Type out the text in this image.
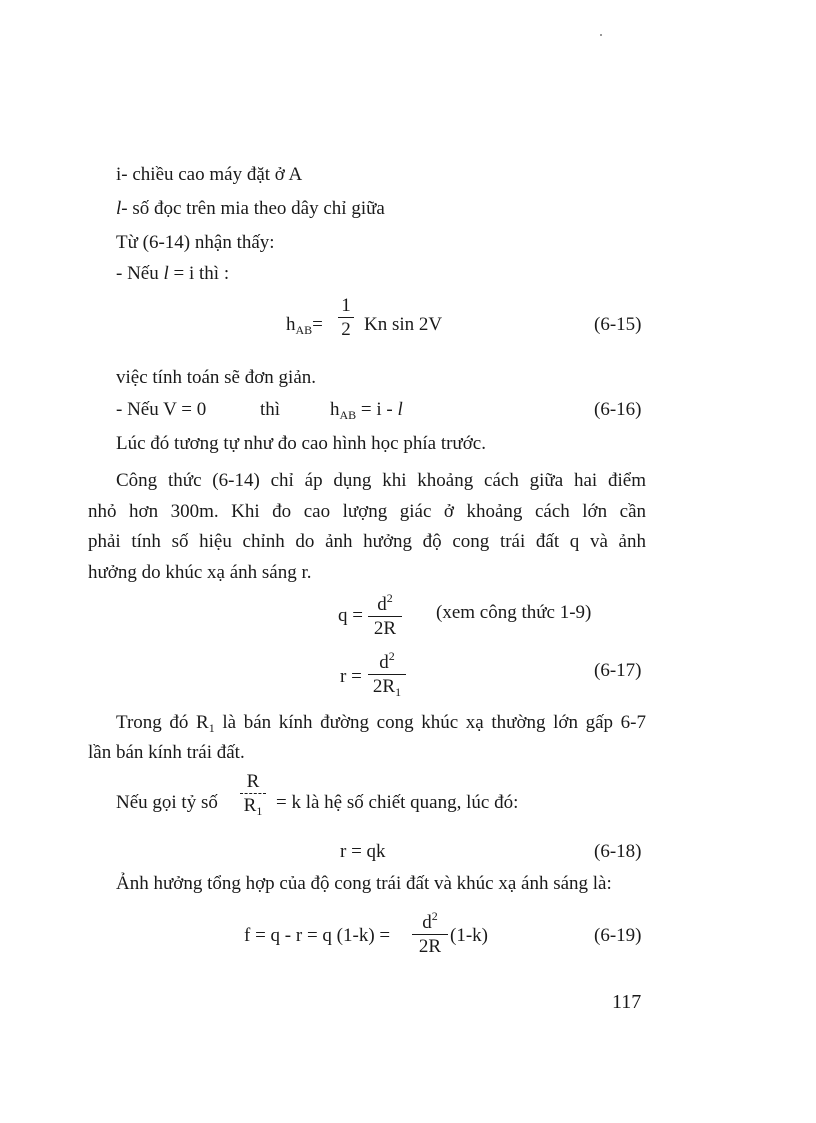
i- chiều cao máy đặt ở A
l- số đọc trên mia theo dây chỉ giữa
Từ (6-14) nhận thấy:
- Nếu l = i thì :
$h_{AB}=$
1
2 Kn sin 2V	(6-15)
việc tính toán sẽ đơn giản.
- Nếu V = 0	thì	$h_{AB} = i - l$	(6-16)
Lúc đó tương tự như đo cao hình học phía trước.
Công thức (6-14) chỉ áp dụng khi khoảng cách giữa hai điểm
nhỏ hơn 300m. Khi đo cao lượng giác ở khoảng cách lớn cần
phải tính số hiệu chỉnh do ảnh hưởng độ cong trái đất q và ảnh
hưởng do khúc xạ ánh sáng r.
q =
$d^2$
2R
(xem công thức 1-9)
r =
$d^2$
$2R_1$
(6-17)
Trong đó $R_1$ là bán kính đường cong khúc xạ thường lớn gấp 6-7
lần bán kính trái đất.
Nếu gọi tỷ số
R
$R_1 = k$ là hệ số chiết quang, lúc đó:
r = qk	(6-18)
Ảnh hưởng tổng hợp của độ cong trái đất và khúc xạ ánh sáng là:
f = q - r = q (1-k) =
$d^2$
2R
(1-k)	(6-19)
117
